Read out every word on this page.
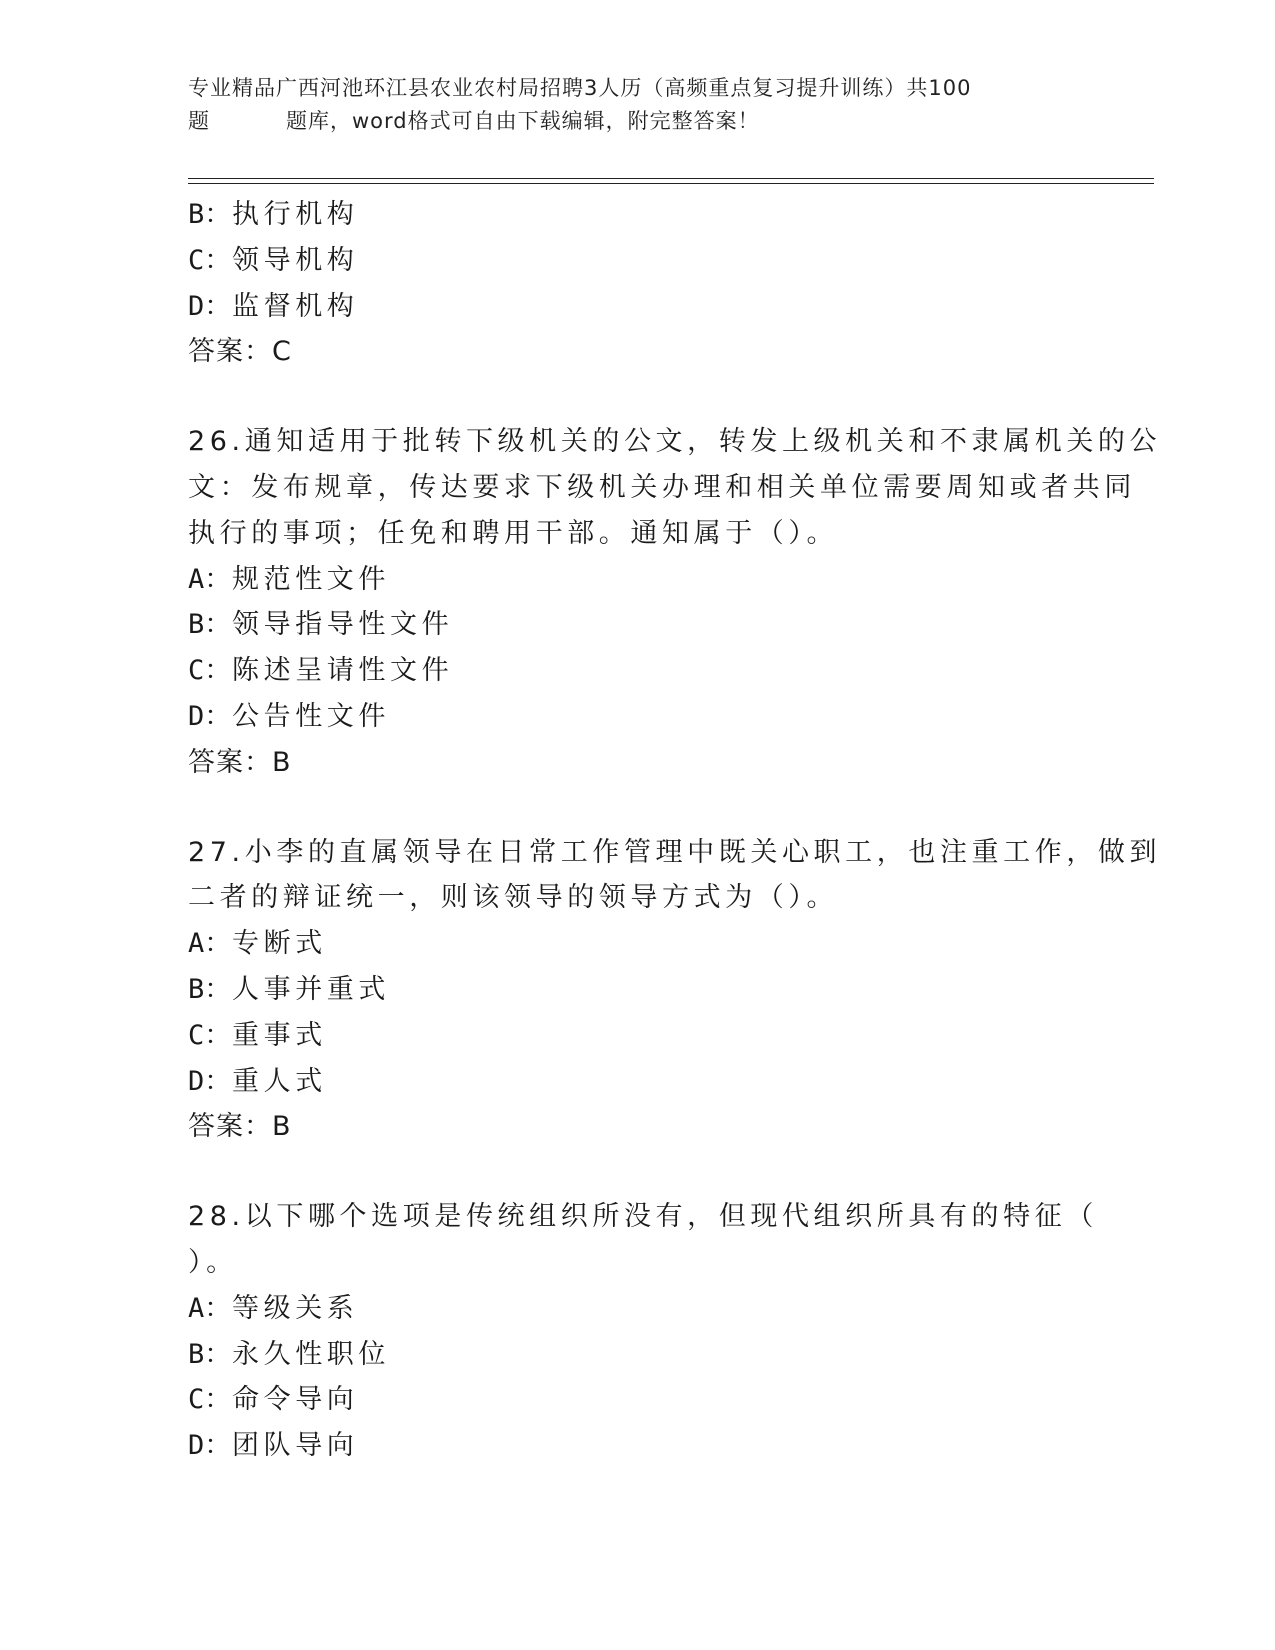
专业精品广西河池环江县农业农村局招聘3人历（高频重点复习提升训练）共100
题	题库，word格式可自由下载编辑，附完整答案！
B：执行机构
C：领导机构
D：监督机构
答案：C
26.通知适用于批转下级机关的公文，转发上级机关和不隶属机关的公
文：发布规章，传达要求下级机关办理和相关单位需要周知或者共同
执行的事项；任免和聘用干部。通知属于（）。
A：规范性文件
B：领导指导性文件
C：陈述呈请性文件
D：公告性文件
答案：B
27.小李的直属领导在日常工作管理中既关心职工，也注重工作，做到
二者的辩证统一，则该领导的领导方式为（）。
A：专断式
B：人事并重式
C：重事式
D：重人式
答案：B
28.以下哪个选项是传统组织所没有，但现代组织所具有的特征（
）。
A：等级关系
B：永久性职位
C：命令导向
D：团队导向
